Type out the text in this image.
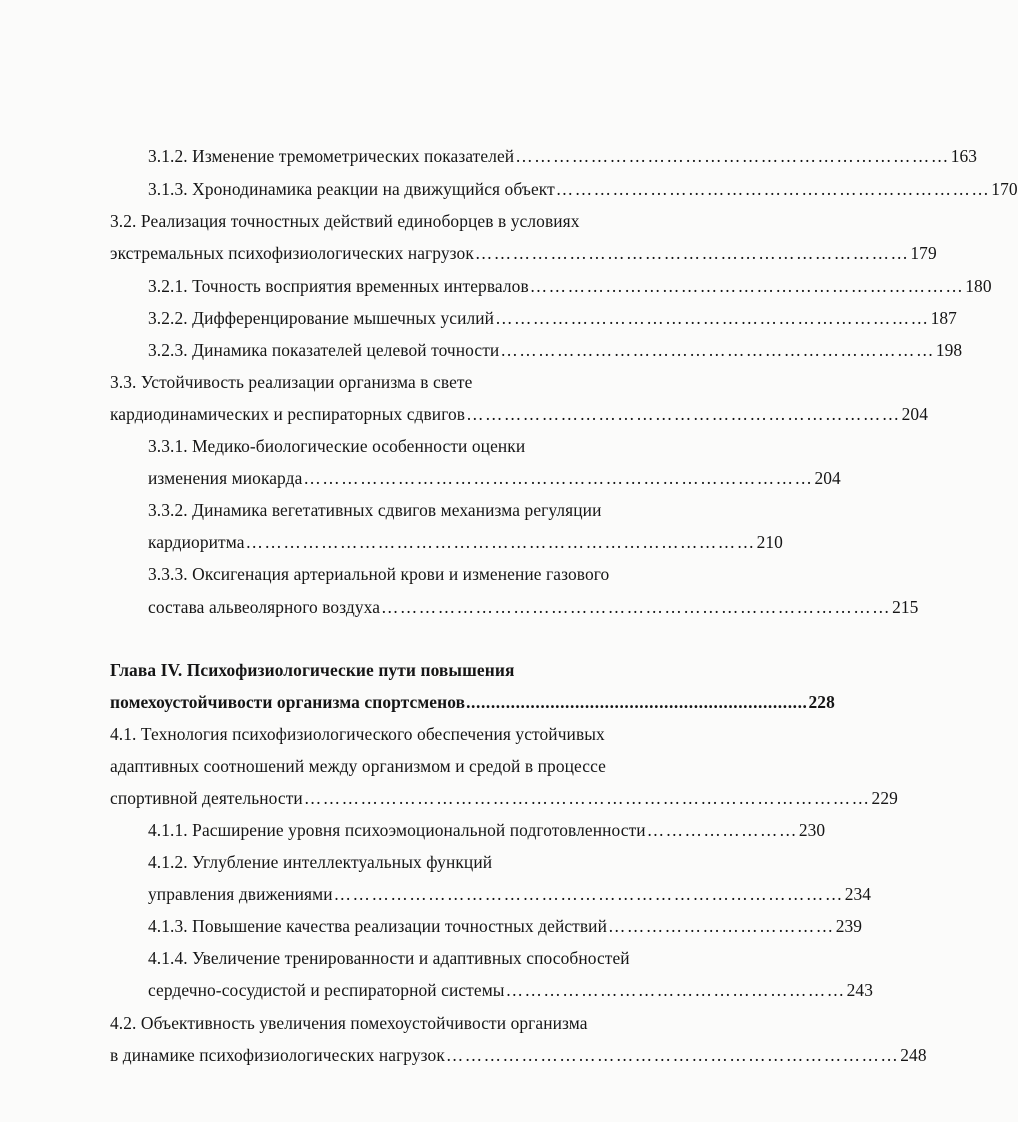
3.1.2. Изменение тремометрических показателей …………………………………………………………… 163
3.1.3. Хронодинамика реакции на движущийся объект …………………………………………………………… 170
3.2. Реализация точностных действий единоборцев в условиях
экстремальных психофизиологических нагрузок …………………………………………………………… 179
3.2.1. Точность восприятия временных интервалов …………………………………………………………… 180
3.2.2. Дифференцирование мышечных усилий …………………………………………………………… 187
3.2.3. Динамика показателей целевой точности …………………………………………………………… 198
3.3. Устойчивость реализации организма в свете
кардиодинамических и респираторных сдвигов …………………………………………………………… 204
3.3.1. Медико-биологические особенности оценки
изменения миокарда ……………………………………………………………………… 204
3.3.2. Динамика вегетативных сдвигов механизма регуляции
кардиоритма ……………………………………………………………………… 210
3.3.3. Оксигенация артериальной крови и изменение газового
состава альвеолярного воздуха ……………………………………………………………………… 215
Глава IV. Психофизиологические пути повышения
помехоустойчивости организма спортсменов ..................................................................... 228
4.1. Технология психофизиологического обеспечения устойчивых
адаптивных соотношений между организмом и средой в процессе
спортивной деятельности ……………………………………………………………………………… 229
4.1.1. Расширение уровня психоэмоциональной подготовленности …………………… 230
4.1.2. Углубление интеллектуальных функций
управления движениями ……………………………………………………………………… 234
4.1.3. Повышение качества реализации точностных действий ……………………………… 239
4.1.4. Увеличение тренированности и адаптивных способностей
сердечно-сосудистой и респираторной системы ……………………………………………… 243
4.2. Объективность увеличения помехоустойчивости организма
в динамике психофизиологических нагрузок ……………………………………………………………… 248
